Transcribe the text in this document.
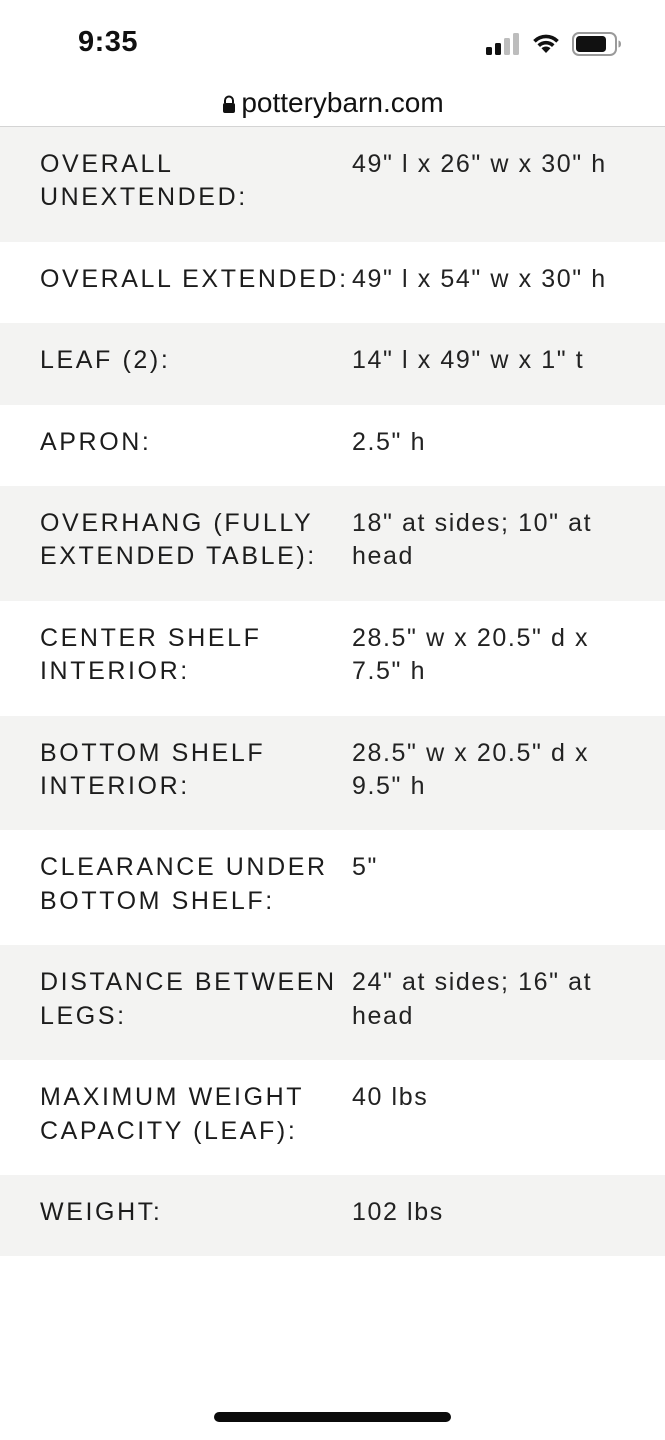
9:35
potterybarn.com
OVERALL UNEXTENDED:
49" l x 26" w x 30" h
OVERALL EXTENDED: 49" l x 54" w x 30" h
LEAF (2):	14" l x 49" w x 1" t
APRON:	2.5" h
OVERHANG (FULLY EXTENDED TABLE):
18" at sides; 10" at head
CENTER SHELF INTERIOR:
28.5" w x 20.5" d x 7.5" h
BOTTOM SHELF INTERIOR:
28.5" w x 20.5" d x 9.5" h
CLEARANCE UNDER BOTTOM SHELF:
5"
DISTANCE BETWEEN LEGS:
24" at sides; 16" at head
MAXIMUM WEIGHT CAPACITY (LEAF):
40 lbs
WEIGHT:	102 lbs
